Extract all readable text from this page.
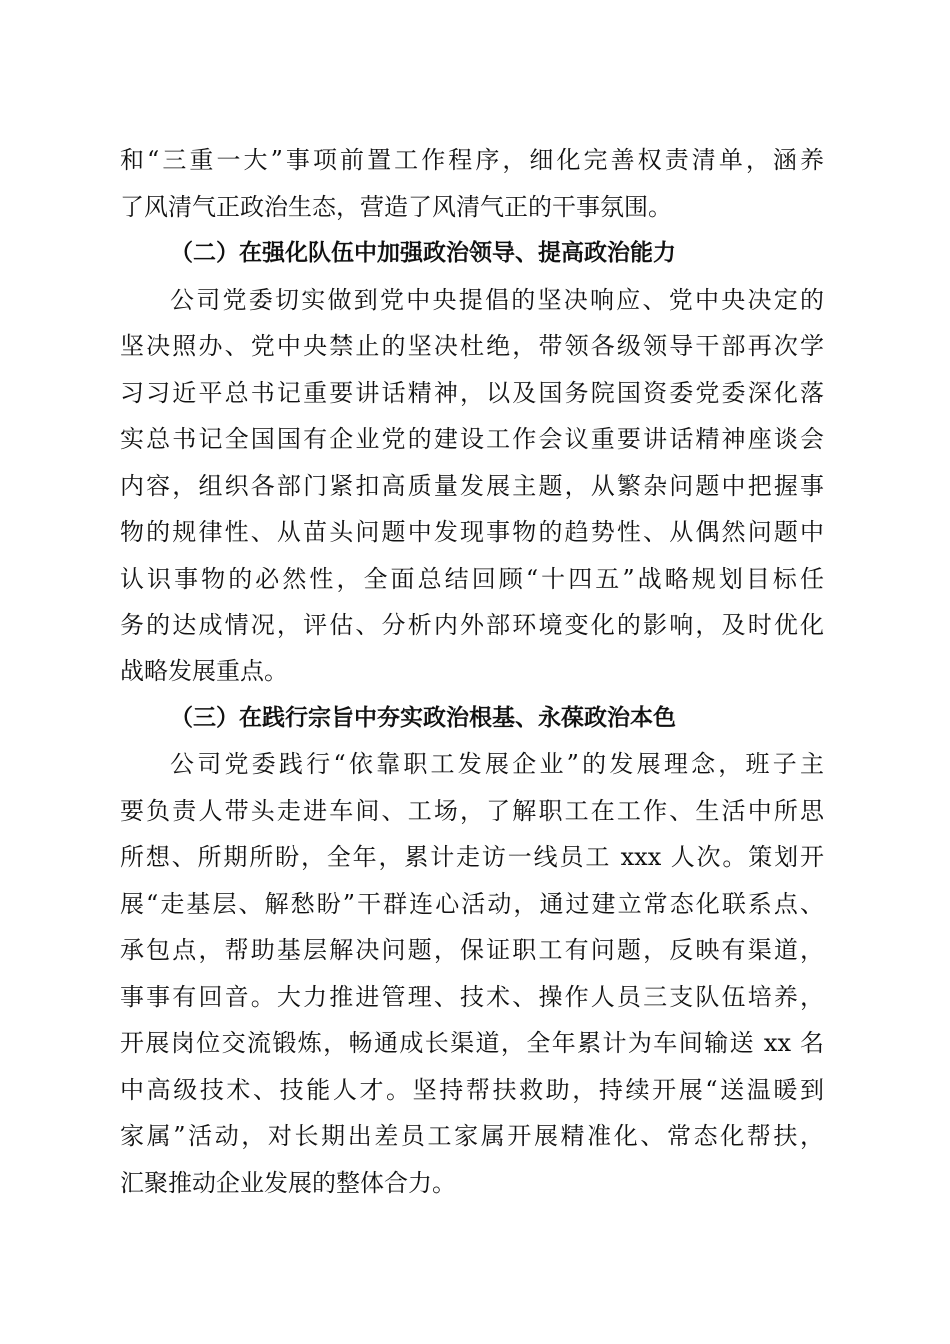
和“三重一大”事项前置工作程序，细化完善权责清单，涵养
了风清气正政治生态，营造了风清气正的干事氛围。
（二）在强化队伍中加强政治领导、提高政治能力
公司党委切实做到党中央提倡的坚决响应、党中央决定的
坚决照办、党中央禁止的坚决杜绝，带领各级领导干部再次学
习习近平总书记重要讲话精神，以及国务院国资委党委深化落
实总书记全国国有企业党的建设工作会议重要讲话精神座谈会
内容，组织各部门紧扣高质量发展主题，从繁杂问题中把握事
物的规律性、从苗头问题中发现事物的趋势性、从偶然问题中
认识事物的必然性，全面总结回顾“十四五”战略规划目标任
务的达成情况，评估、分析内外部环境变化的影响，及时优化
战略发展重点。
（三）在践行宗旨中夯实政治根基、永葆政治本色
公司党委践行“依靠职工发展企业”的发展理念，班子主
要负责人带头走进车间、工场，了解职工在工作、生活中所思
所想、所期所盼，全年，累计走访一线员工 xxx 人次。策划开
展“走基层、解愁盼”干群连心活动，通过建立常态化联系点、
承包点，帮助基层解决问题，保证职工有问题，反映有渠道，
事事有回音。大力推进管理、技术、操作人员三支队伍培养，
开展岗位交流锻炼，畅通成长渠道，全年累计为车间输送 xx 名
中高级技术、技能人才。坚持帮扶救助，持续开展“送温暖到
家属”活动，对长期出差员工家属开展精准化、常态化帮扶，
汇聚推动企业发展的整体合力。
